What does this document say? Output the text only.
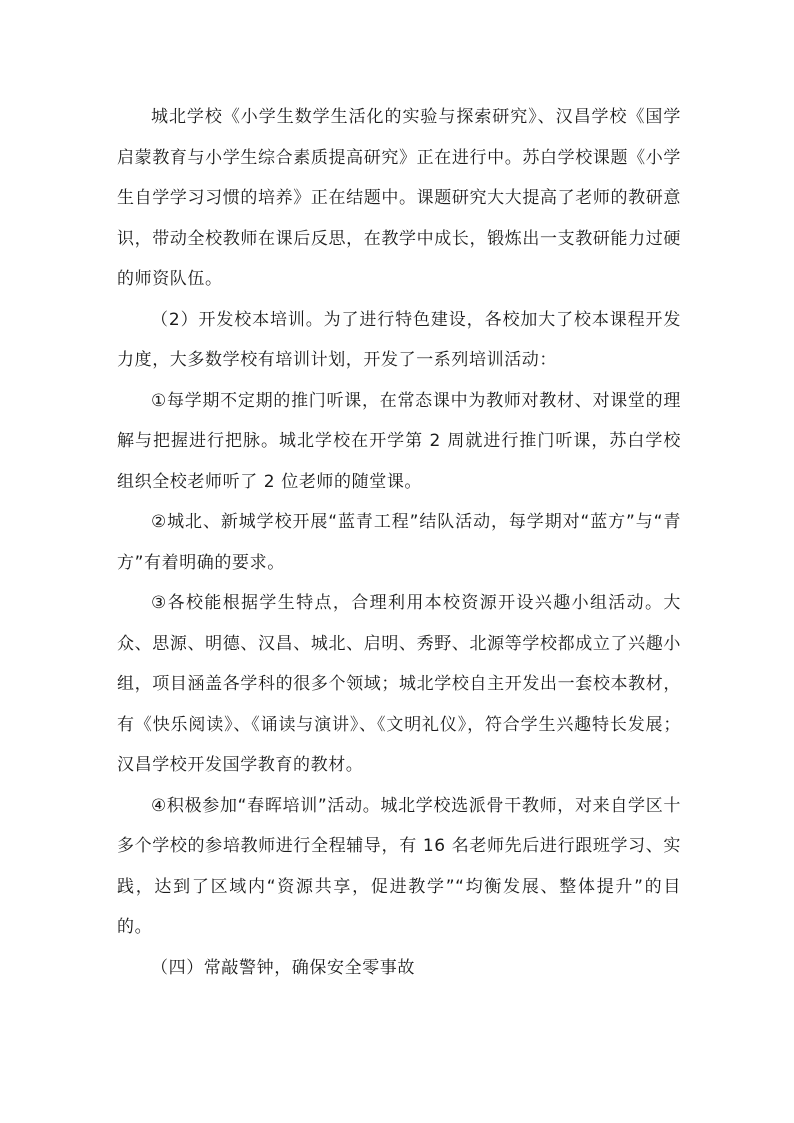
城北学校《小学生数学生活化的实验与探索研究》、汉昌学校《国学启蒙教育与小学生综合素质提高研究》正在进行中。苏白学校课题《小学生自学学习习惯的培养》正在结题中。课题研究大大提高了老师的教研意识，带动全校教师在课后反思，在教学中成长，锻炼出一支教研能力过硬的师资队伍。

（2）开发校本培训。为了进行特色建设，各校加大了校本课程开发力度，大多数学校有培训计划，开发了一系列培训活动：

①每学期不定期的推门听课，在常态课中为教师对教材、对课堂的理解与把握进行把脉。城北学校在开学第 2 周就进行推门听课，苏白学校组织全校老师听了 2 位老师的随堂课。

②城北、新城学校开展“蓝青工程”结队活动，每学期对“蓝方”与“青方”有着明确的要求。

③各校能根据学生特点，合理利用本校资源开设兴趣小组活动。大众、思源、明德、汉昌、城北、启明、秀野、北源等学校都成立了兴趣小组，项目涵盖各学科的很多个领域；城北学校自主开发出一套校本教材，有《快乐阅读》、《诵读与演讲》、《文明礼仪》，符合学生兴趣特长发展；汉昌学校开发国学教育的教材。

④积极参加“春晖培训”活动。城北学校选派骨干教师，对来自学区十多个学校的参培教师进行全程辅导，有 16 名老师先后进行跟班学习、实践，达到了区域内“资源共享，促进教学”“均衡发展、整体提升”的目的。

（四）常敲警钟，确保安全零事故
